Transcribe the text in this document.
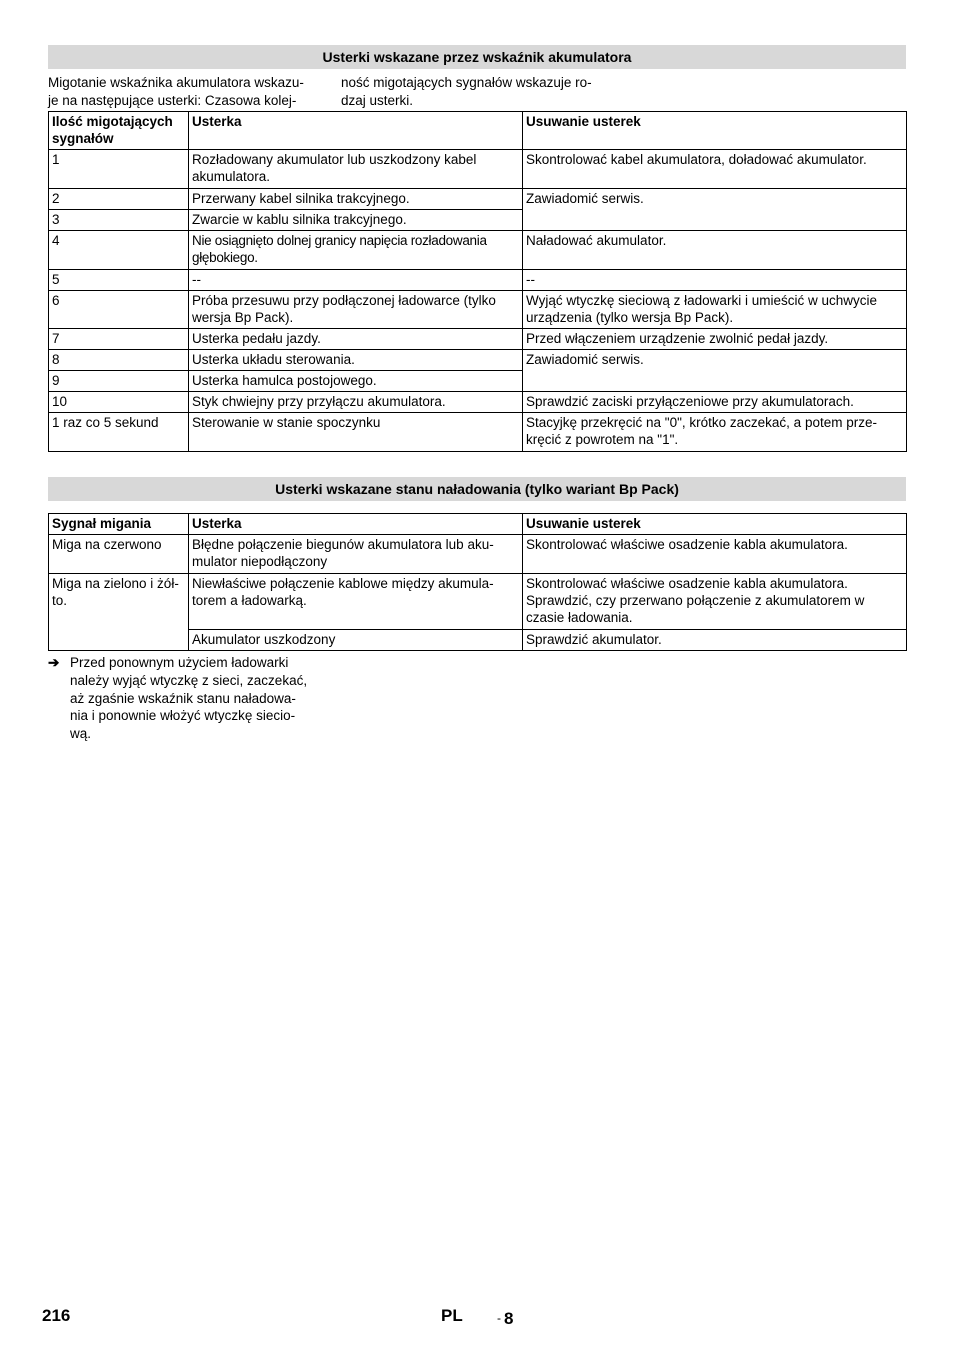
Usterki wskazane przez wskaźnik akumulatora
Migotanie wskaźnika akumulatora wskazu-
je na następujące usterki: Czasowa kolej-
ność migotających sygnałów wskazuje ro-
dzaj usterki.
Ilość migotających sygnałów	Usterka	Usuwanie usterek
1	Rozładowany akumulator lub uszkodzony kabel akumulatora.	Skontrolować kabel akumulatora, doładować akumulator.
2	Przerwany kabel silnika trakcyjnego.	Zawiadomić serwis.
3	Zwarcie w kablu silnika trakcyjnego.	
4	Nie osiągnięto dolnej granicy napięcia rozładowania głębokiego.	Naładować akumulator.
5	--	--
6	Próba przesuwu przy podłączonej ładowarce (tylko wersja Bp Pack).	Wyjąć wtyczkę sieciową z ładowarki i umieścić w uchwycie urządzenia (tylko wersja Bp Pack).
7	Usterka pedału jazdy.	Przed włączeniem urządzenie zwolnić pedał jazdy.
8	Usterka układu sterowania.	Zawiadomić serwis.
9	Usterka hamulca postojowego.	
10	Styk chwiejny przy przyłączu akumulatora.	Sprawdzić zaciski przyłączeniowe przy akumulatorach.
1 raz co 5 sekund	Sterowanie w stanie spoczynku	Stacyjkę przekręcić na "0", krótko zaczekać, a potem prze-kręcić z powrotem na "1".
Usterki wskazane stanu naładowania (tylko wariant Bp Pack)
Sygnał migania	Usterka	Usuwanie usterek
Miga na czerwono	Błędne połączenie biegunów akumulatora lub aku-mulator niepodłączony	Skontrolować właściwe osadzenie kabla akumulatora.
Miga na zielono i żół-to.	Niewłaściwe połączenie kablowe między akumula-torem a ładowarką.	Skontrolować właściwe osadzenie kabla akumulatora. Sprawdzić, czy przerwano połączenie z akumulatorem w czasie ładowania.
	Akumulator uszkodzony	Sprawdzić akumulator.
➔ Przed ponownym użyciem ładowarki
należy wyjąć wtyczkę z sieci, zaczekać,
aż zgaśnie wskaźnik stanu naładowa-
nia i ponownie włożyć wtyczkę siecio-
wą.
216	PL	- 8
